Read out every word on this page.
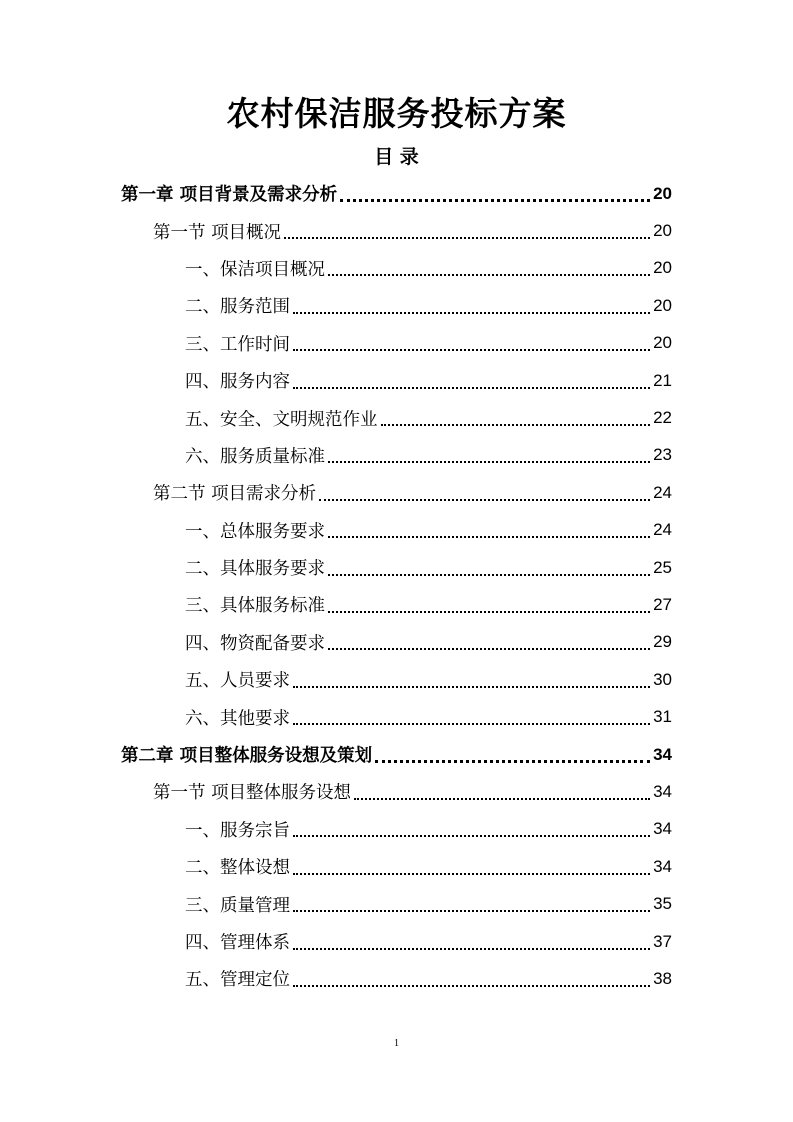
农村保洁服务投标方案
目 录
第一章 项目背景及需求分析	20
第一节 项目概况	20
一、保洁项目概况	20
二、服务范围	20
三、工作时间	20
四、服务内容	21
五、安全、文明规范作业	22
六、服务质量标准	23
第二节 项目需求分析	24
一、总体服务要求	24
二、具体服务要求	25
三、具体服务标准	27
四、物资配备要求	29
五、人员要求	30
六、其他要求	31
第二章 项目整体服务设想及策划	34
第一节 项目整体服务设想	34
一、服务宗旨	34
二、整体设想	34
三、质量管理	35
四、管理体系	37
五、管理定位	38
1
